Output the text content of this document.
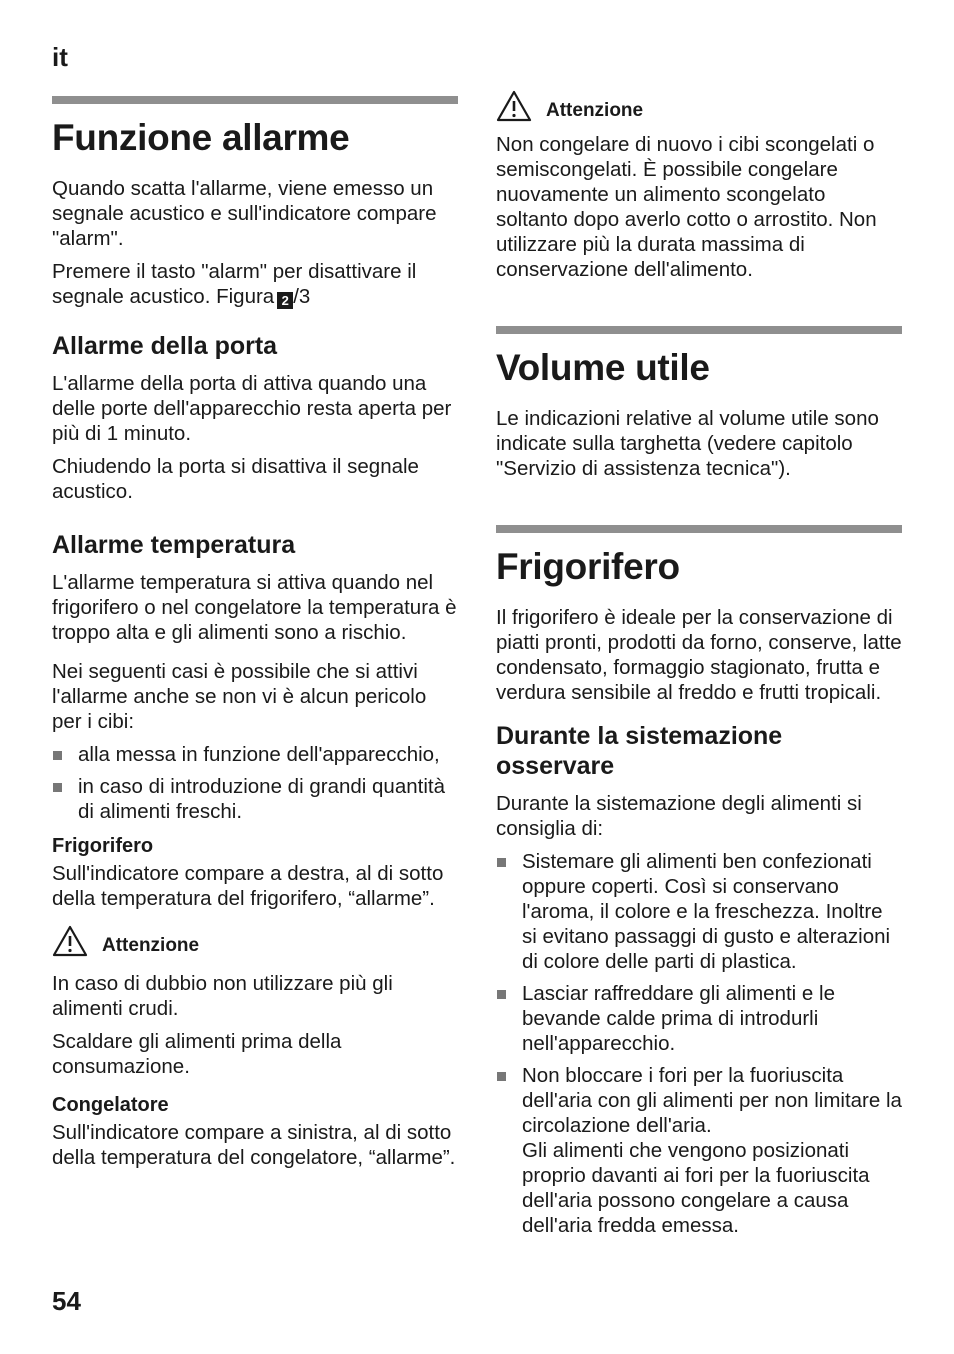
it
Funzione allarme

Quando scatta l'allarme, viene emesso un segnale acustico e sull'indicatore compare "alarm".

Premere il tasto "alarm" per disattivare il segnale acustico. Figura 2 /3

Allarme della porta

L'allarme della porta di attiva quando una delle porte dell'apparecchio resta aperta per più di 1 minuto.

Chiudendo la porta si disattiva il segnale acustico.

Allarme temperatura

L'allarme temperatura si attiva quando nel frigorifero o nel congelatore la temperatura è troppo alta e gli alimenti sono a rischio.

Nei seguenti casi è possibile che si attivi l'allarme anche se non vi è alcun pericolo per i cibi:

alla messa in funzione dell'apparecchio,
in caso di introduzione di grandi quantità di alimenti freschi.
Frigorifero

Sull'indicatore compare a destra, al di sotto della temperatura del frigorifero, “allarme”.

Attenzione

In caso di dubbio non utilizzare più gli alimenti crudi.

Scaldare gli alimenti prima della consumazione.

Congelatore

Sull'indicatore compare a sinistra, al di sotto della temperatura del congelatore, “allarme”.

Attenzione

Non congelare di nuovo i cibi scongelati o semiscongelati. È possibile congelare nuovamente un alimento scongelato soltanto dopo averlo cotto o arrostito. Non utilizzare più la durata massima di conservazione dell'alimento.

Volume utile

Le indicazioni relative al volume utile sono indicate sulla targhetta (vedere capitolo "Servizio di assistenza tecnica").

Frigorifero

Il frigorifero è ideale per la conservazione di piatti pronti, prodotti da forno, conserve, latte condensato, formaggio stagionato, frutta e verdura sensibile al freddo e frutti tropicali.

Durante la sistemazione osservare

Durante la sistemazione degli alimenti si consiglia di:

Sistemare gli alimenti ben confezionati oppure coperti. Così si conservano l'aroma, il colore e la freschezza. Inoltre si evitano passaggi di gusto e alterazioni di colore delle parti di plastica.
Lasciar raffreddare gli alimenti e le bevande calde prima di introdurli nell'apparecchio.
Non bloccare i fori per la fuoriuscita dell'aria con gli alimenti per non limitare la circolazione dell'aria.
Gli alimenti che vengono posizionati proprio davanti ai fori per la fuoriuscita dell'aria possono congelare a causa dell'aria fredda emessa.
54
